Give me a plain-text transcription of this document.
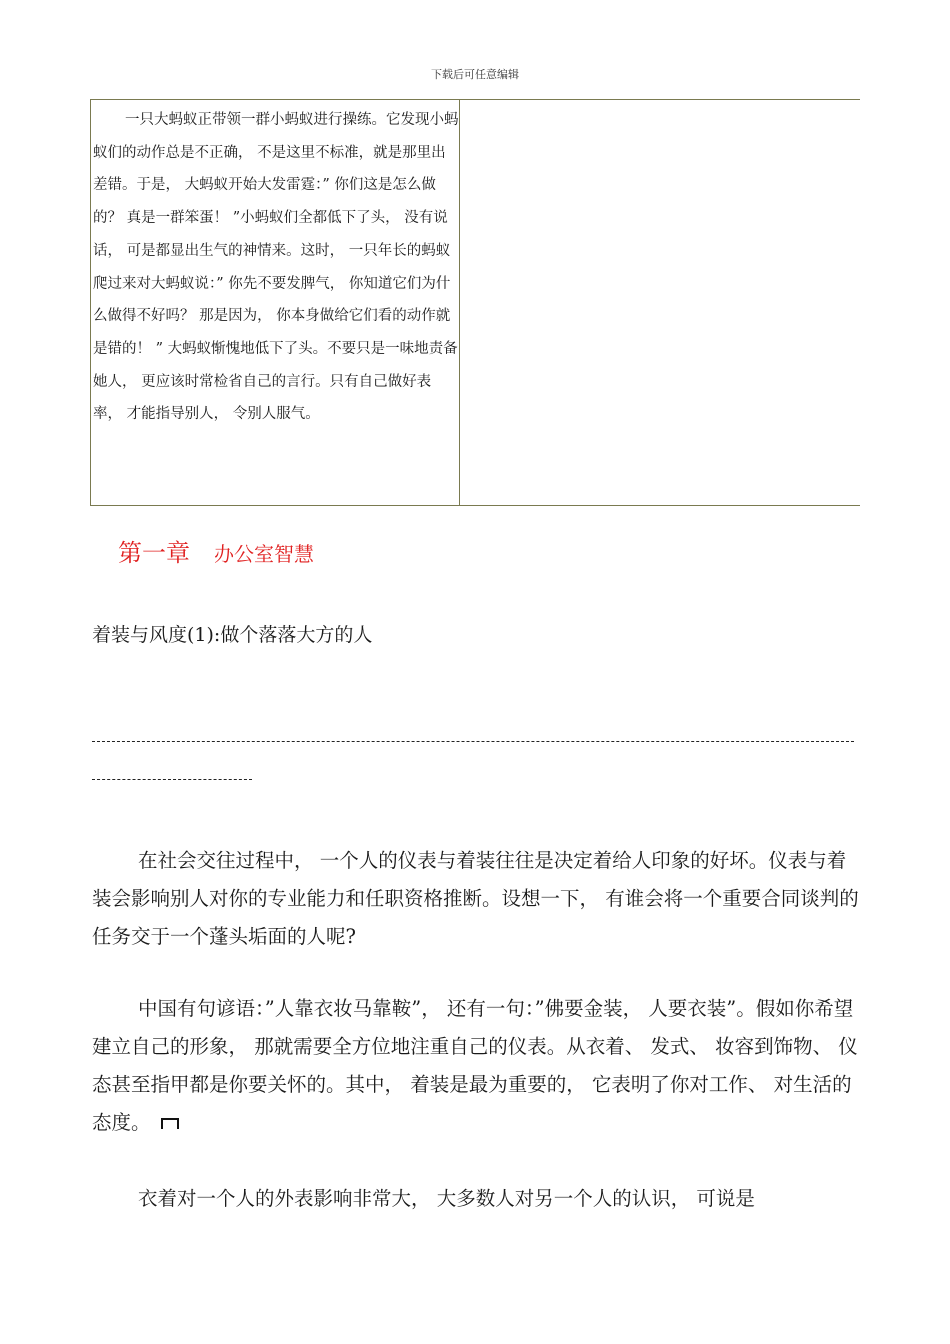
下载后可任意编辑

一只大蚂蚁正带领一群小蚂蚁进行操练。它发现小蚂蚁们的动作总是不正确， 不是这里不标准，就是那里出差错。于是， 大蚂蚁开始大发雷霆：” 你们这是怎么做的？ 真是一群笨蛋！ ”小蚂蚁们全都低下了头， 没有说话， 可是都显出生气的神情来。这时， 一只年长的蚂蚁爬过来对大蚂蚁说：” 你先不要发脾气， 你知道它们为什么做得不好吗？ 那是因为， 你本身做给它们看的动作就是错的！ ” 大蚂蚁惭愧地低下了头。不要只是一味地责备她人， 更应该时常检省自己的言行。只有自己做好表率， 才能指导别人， 令别人服气。

第一章 办公室智慧
着装与风度(1):做个落落大方的人

在社会交往过程中， 一个人的仪表与着装往往是决定着给人印象的好坏。仪表与着装会影响别人对你的专业能力和任职资格推断。设想一下， 有谁会将一个重要合同谈判的任务交于一个蓬头垢面的人呢?

中国有句谚语：”人靠衣妆马靠鞍”， 还有一句：”佛要金装， 人要衣装”。假如你希望建立自己的形象， 那就需要全方位地注重自己的仪表。从衣着、 发式、 妆容到饰物、 仪态甚至指甲都是你要关怀的。其中， 着装是最为重要的， 它表明了你对工作、 对生活的态度。

衣着对一个人的外表影响非常大， 大多数人对另一个人的认识， 可说是
